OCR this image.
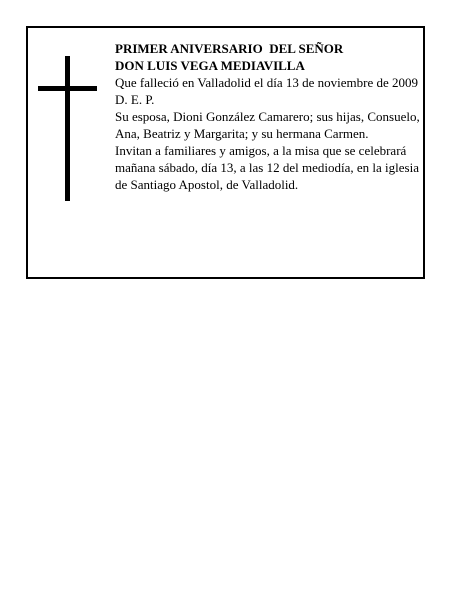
PRIMER ANIVERSARIO  DEL SEÑOR

DON LUIS VEGA MEDIAVILLA

Que falleció en Valladolid el día 13 de noviembre de 2009

D. E. P.

Su esposa, Dioni González Camarero; sus hijas, Consuelo, Ana, Beatriz y Margarita; y su hermana Carmen.

Invitan a familiares y amigos, a la misa que se celebrará mañana sábado, día 13, a las 12 del mediodía, en la iglesia de Santiago Apostol, de Valladolid.
